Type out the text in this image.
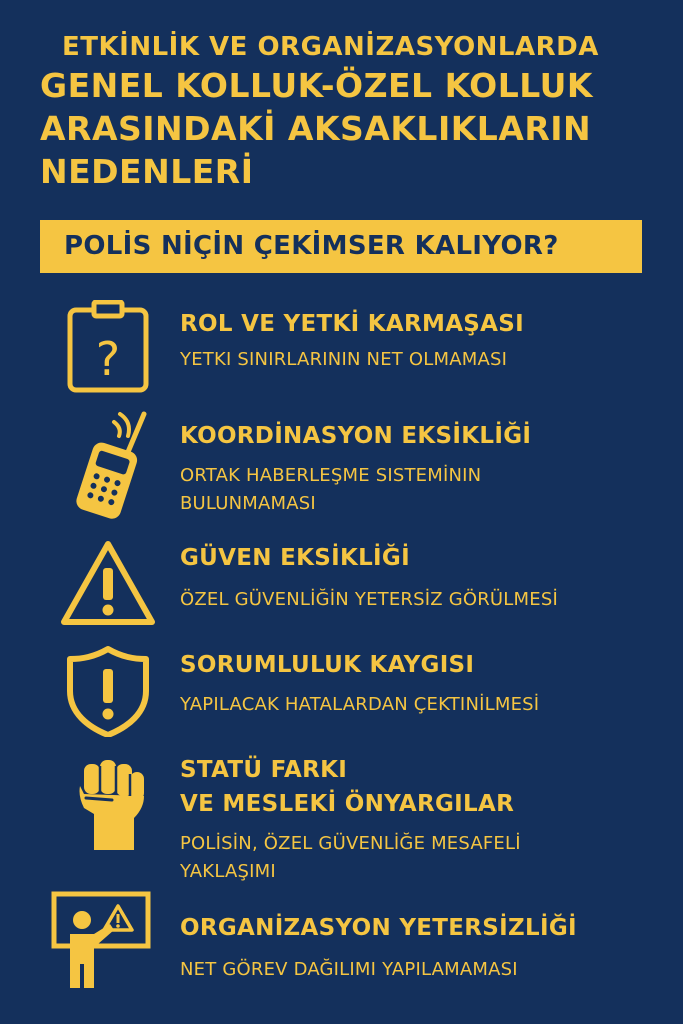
ETKİNLİK VE ORGANİZASYONLARDA
GENEL KOLLUK-ÖZEL KOLLUK
ARASINDAKİ AKSAKLIKLARIN
NEDENLERİ
POLİS NİÇİN ÇEKİMSER KALIYOR?
?
ROL VE YETKİ KARMAŞASI
YETKI SINIRLARININ NET OLMAMASI
KOORDİNASYON EKSİKLİĞİ
ORTAK HABERLEŞME SISTEMİNIN
BULUNMAMASI
GÜVEN EKSİKLİĞİ
ÖZEL GÜVENLİĞİN YETERSİZ GÖRÜLMESİ
SORUMLULUK KAYGISI
YAPILACAK HATALARDAN ÇEKTINİLMESİ
STATÜ FARKI
VE MESLEKİ ÖNYARGILAR
POLİSİN, ÖZEL GÜVENLİĞE MESAFELİ
YAKLAŞIMI
ORGANİZASYON YETERSİZLİĞİ
NET GÖREV DAĞILIMI YAPILAMAMASI
